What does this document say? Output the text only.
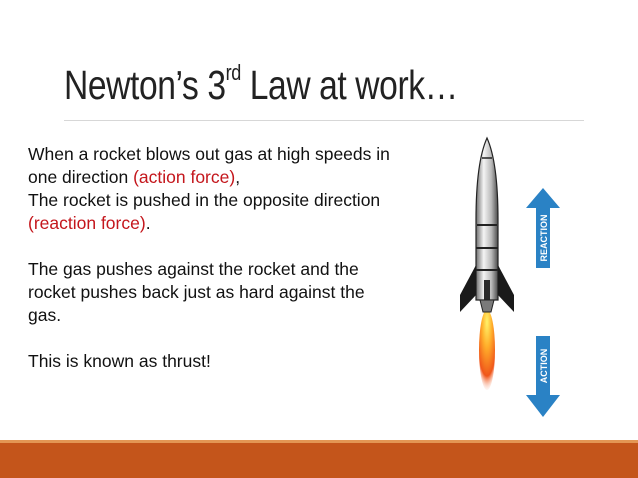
Newton’s 3rd Law at work…

When a rocket blows out gas at high speeds in one direction (action force),

The rocket is pushed in the opposite direction (reaction force).

The gas pushes against the rocket and the rocket pushes back just as hard against the gas.

This is known as thrust!

REACTION
ACTION
